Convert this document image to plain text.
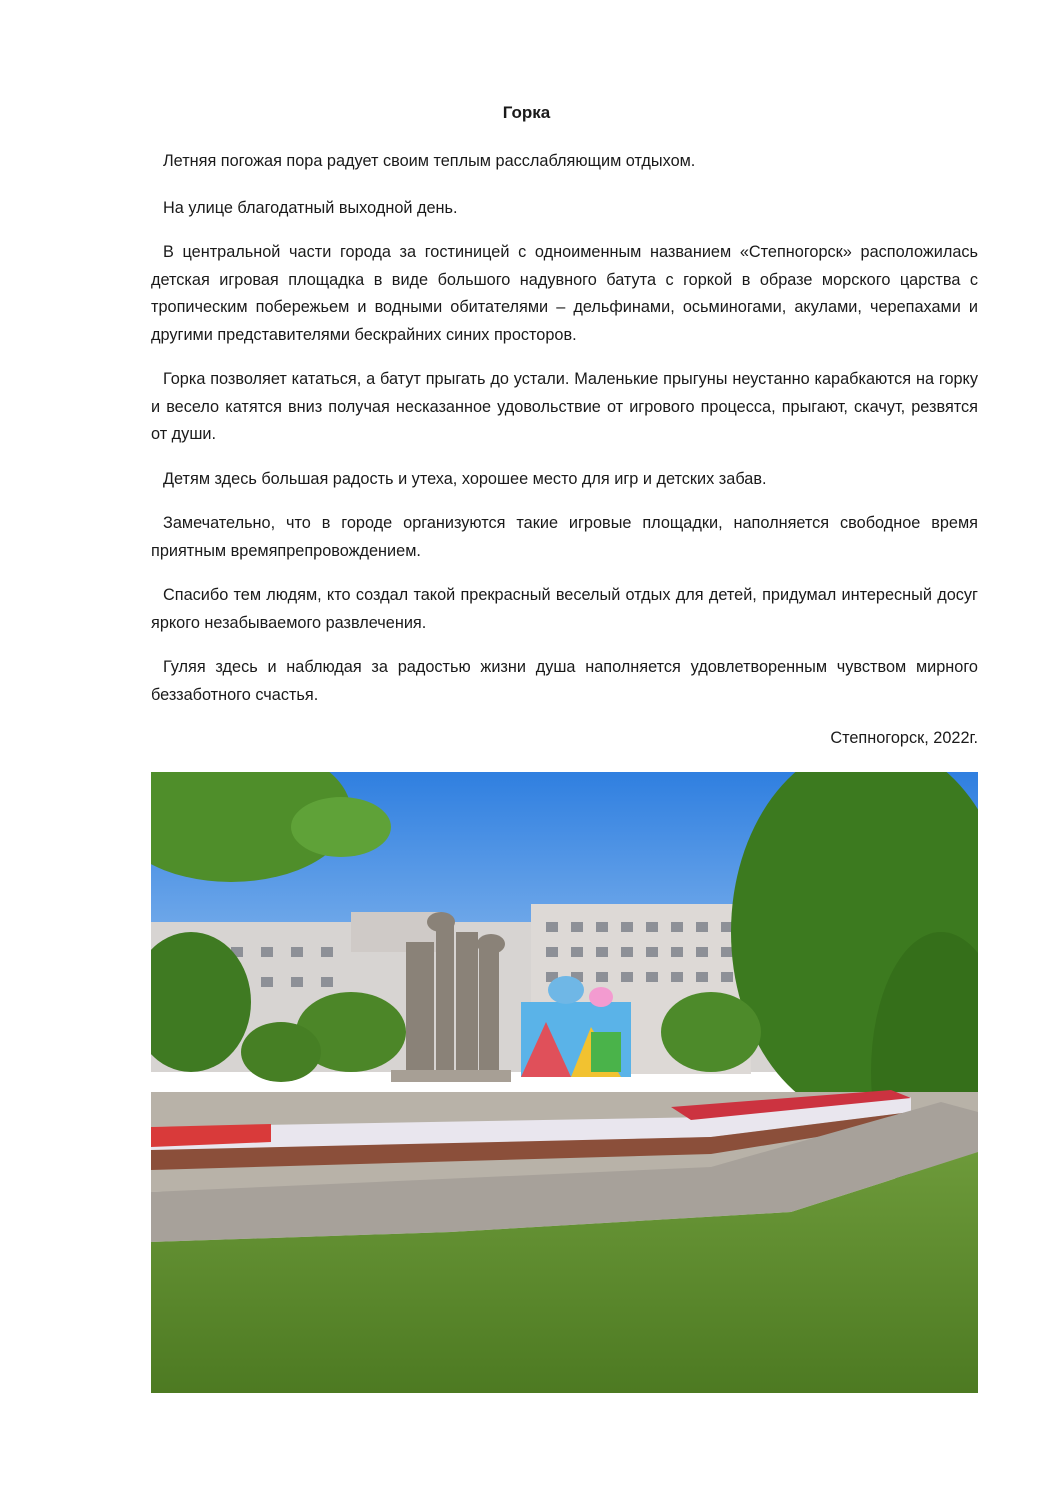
Горка

Летняя погожая пора радует своим теплым расслабляющим отдыхом.

На улице благодатный выходной день.

В центральной части города за гостиницей с одноименным названием «Степногорск» расположилась детская игровая площадка в виде большого надувного батута с горкой в образе морского царства с тропическим побережьем и водными обитателями – дельфинами, осьминогами, акулами, черепахами и другими представителями бескрайних синих просторов.

Горка позволяет кататься, а батут прыгать до устали. Маленькие прыгуны неустанно карабкаются на горку и весело катятся вниз получая несказанное удовольствие от игрового процесса, прыгают, скачут, резвятся от души.

Детям здесь большая радость и утеха, хорошее место для игр и детских забав.

Замечательно, что в городе организуются такие игровые площадки, наполняется свободное время приятным времяпрепровождением.

Спасибо тем людям, кто создал такой прекрасный веселый отдых для детей, придумал интересный досуг яркого незабываемого развлечения.

Гуляя здесь и наблюдая за радостью жизни душа наполняется удовлетворенным чувством мирного беззаботного счастья.

Степногорск, 2022г.
